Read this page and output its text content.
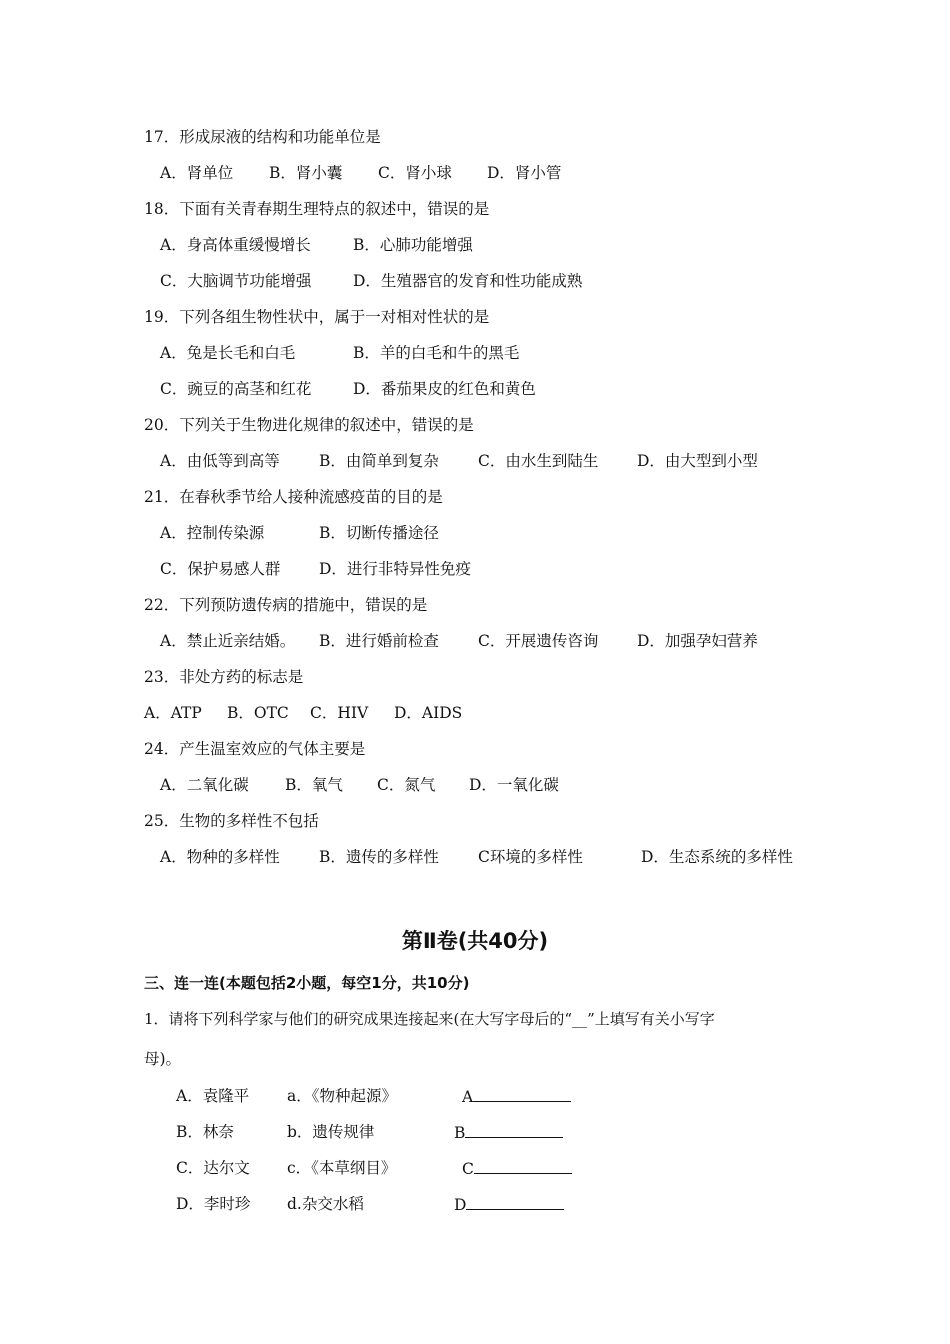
17．形成尿液的结构和功能单位是
A．肾单位 B．肾小囊 C．肾小球 D．肾小管
18．下面有关青春期生理特点的叙述中，错误的是
A．身高体重缓慢增长	B．心肺功能增强
C．大脑调节功能增强	D．生殖器官的发育和性功能成熟
19．下列各组生物性状中，属于一对相对性状的是
A．兔是长毛和白毛	B．羊的白毛和牛的黑毛
C．豌豆的高茎和红花	D．番茄果皮的红色和黄色
20．下列关于生物进化规律的叙述中，错误的是
A．由低等到高等	B．由简单到复杂	C．由水生到陆生 D．由大型到小型
21．在春秋季节给人接种流感疫苗的目的是
A．控制传染源	B．切断传播途径
C．保护易感人群 D．进行非特异性免疫
22．下列预防遗传病的措施中，错误的是
A．禁止近亲结婚。 B．进行婚前检查	C．开展遗传咨询 D．加强孕妇营养
23．非处方药的标志是
A．ATP B．OTC C．HIV D．AIDS
24．产生温室效应的气体主要是
A．二氧化碳 B．氧气 C．氮气 D．一氧化碳
25．生物的多样性不包括
A．物种的多样性	B．遗传的多样性	C环境的多样性	D．生态系统的多样性
第Ⅱ卷(共40分)
三、连一连(本题包括2小题，每空1分，共10分)
1．请将下列科学家与他们的研究成果连接起来(在大写字母后的“__”上填写有关小写字
母)。
A．袁隆平 a．《物种起源》	A
B．林奈	b．遗传规律	B
C．达尔文 c．《本草纲目》	C
D．李时珍 d.杂交水稻	D
